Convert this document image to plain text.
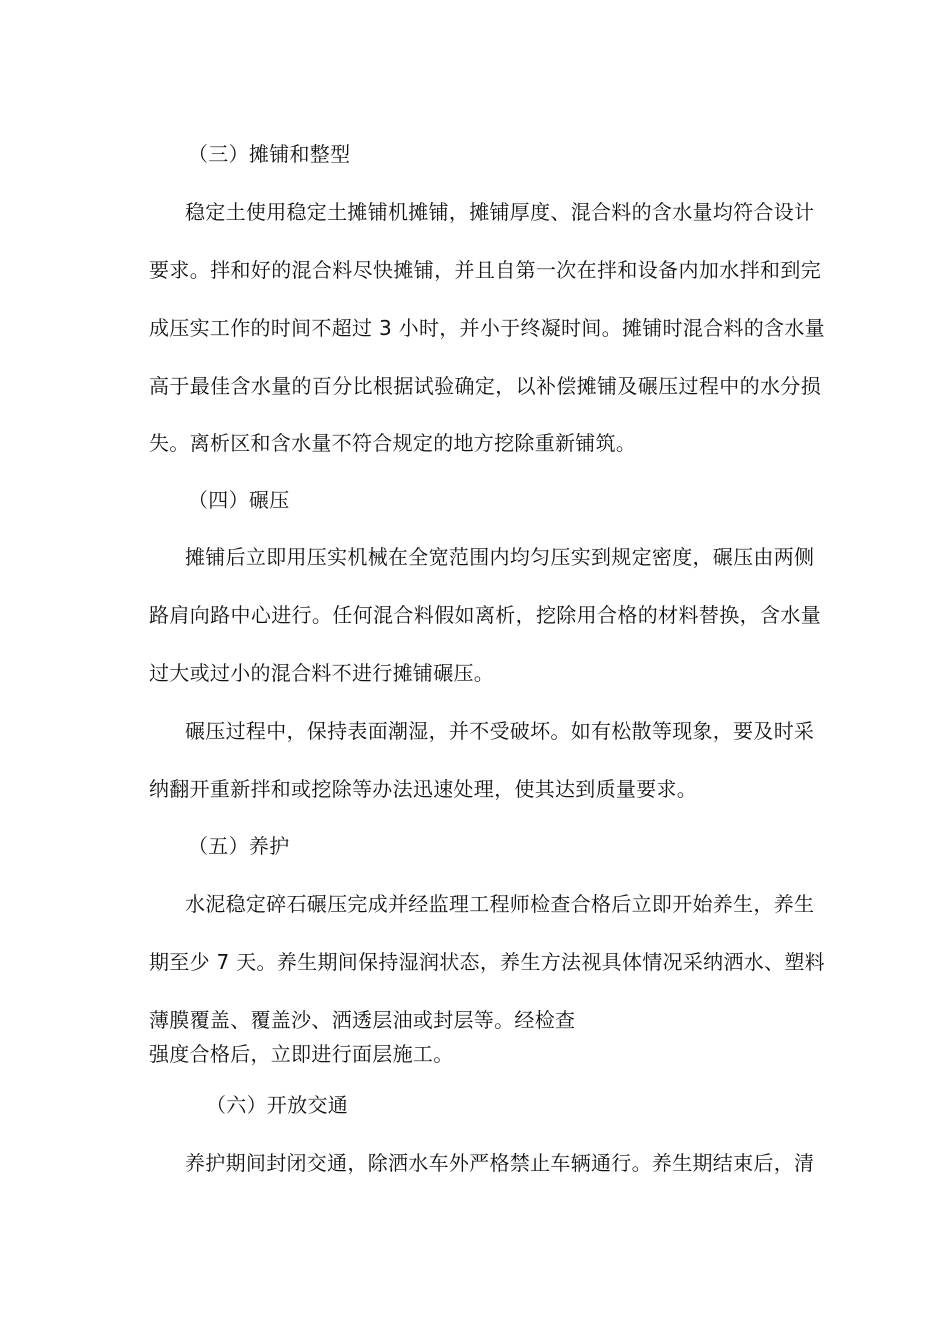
（三）摊铺和整型
稳定土使用稳定土摊铺机摊铺，摊铺厚度、混合料的含水量均符合设计
要求。拌和好的混合料尽快摊铺，并且自第一次在拌和设备内加水拌和到完
成压实工作的时间不超过 3 小时，并小于终凝时间。摊铺时混合料的含水量
高于最佳含水量的百分比根据试验确定，以补偿摊铺及碾压过程中的水分损
失。离析区和含水量不符合规定的地方挖除重新铺筑。
（四）碾压
摊铺后立即用压实机械在全宽范围内均匀压实到规定密度，碾压由两侧
路肩向路中心进行。任何混合料假如离析，挖除用合格的材料替换，含水量
过大或过小的混合料不进行摊铺碾压。
碾压过程中，保持表面潮湿，并不受破坏。如有松散等现象，要及时采
纳翻开重新拌和或挖除等办法迅速处理，使其达到质量要求。
（五）养护
水泥稳定碎石碾压完成并经监理工程师检查合格后立即开始养生，养生
期至少 7 天。养生期间保持湿润状态，养生方法视具体情况采纳洒水、塑料
薄膜覆盖、覆盖沙、洒透层油或封层等。经检查
强度合格后，立即进行面层施工。
（六）开放交通
养护期间封闭交通，除洒水车外严格禁止车辆通行。养生期结束后，清
